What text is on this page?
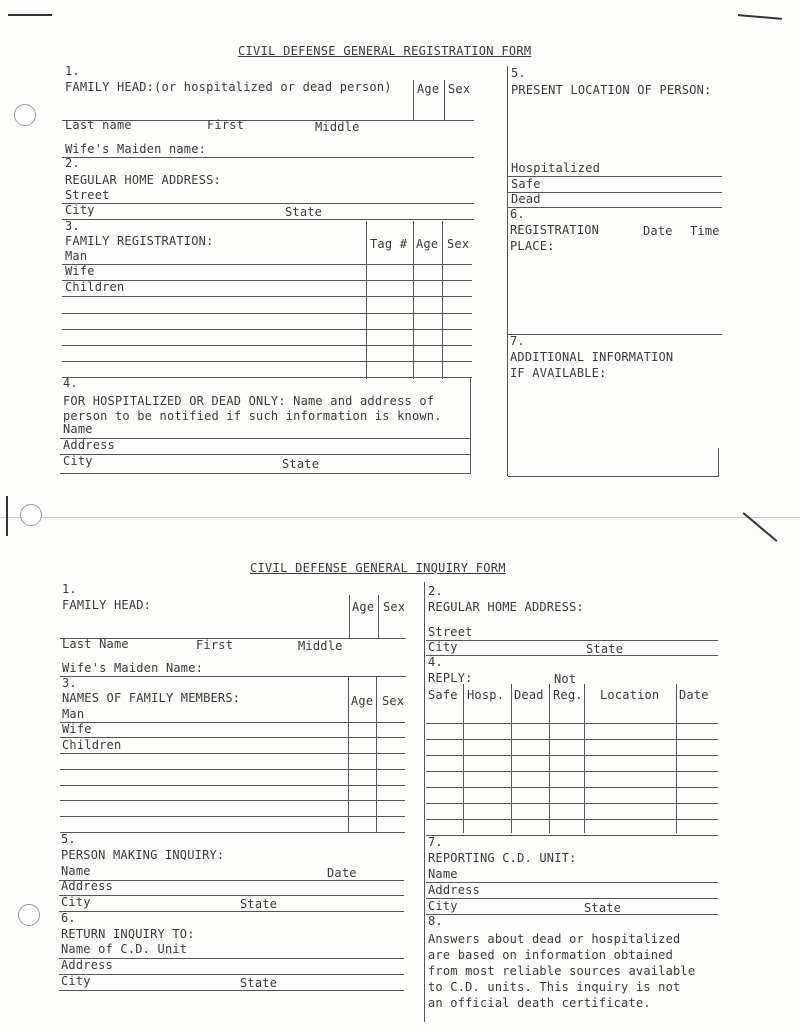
CIVIL DEFENSE GENERAL REGISTRATION FORM
1.
FAMILY HEAD:(or hospitalized or dead person) Age Sex
Last name	First	Middle
Wife's Maiden name:
2.
REGULAR HOME ADDRESS:
Street
City	State
3.
FAMILY REGISTRATION:	Tag # Age Sex
Man
Wife
Children
4.
FOR HOSPITALIZED OR DEAD ONLY: Name and address of
person to be notified if such information is known.
Name
Address
City	State
5.
PRESENT LOCATION OF PERSON:
Hospitalized
Safe
Dead
6.
REGISTRATION	Date Time
PLACE:
7.
ADDITIONAL INFORMATION
IF AVAILABLE:
CIVIL DEFENSE GENERAL INQUIRY FORM
1.
FAMILY HEAD:	Age Sex
Last Name	First	Middle
Wife's Maiden Name:
3.
NAMES OF FAMILY MEMBERS:	Age Sex
Man
Wife
Children
5.
PERSON MAKING INQUIRY:
Name	Date
Address
City	State
6.
RETURN INQUIRY TO:
Name of C.D. Unit
Address
City	State
2.
REGULAR HOME ADDRESS:
Street
City	State
4.
REPLY:	Not
Safe Hosp. Dead Reg. Location Date
7.
REPORTING C.D. UNIT:
Name
Address
City	State
8.
Answers about dead or hospitalized
are based on information obtained
from most reliable sources available
to C.D. units. This inquiry is not
an official death certificate.
